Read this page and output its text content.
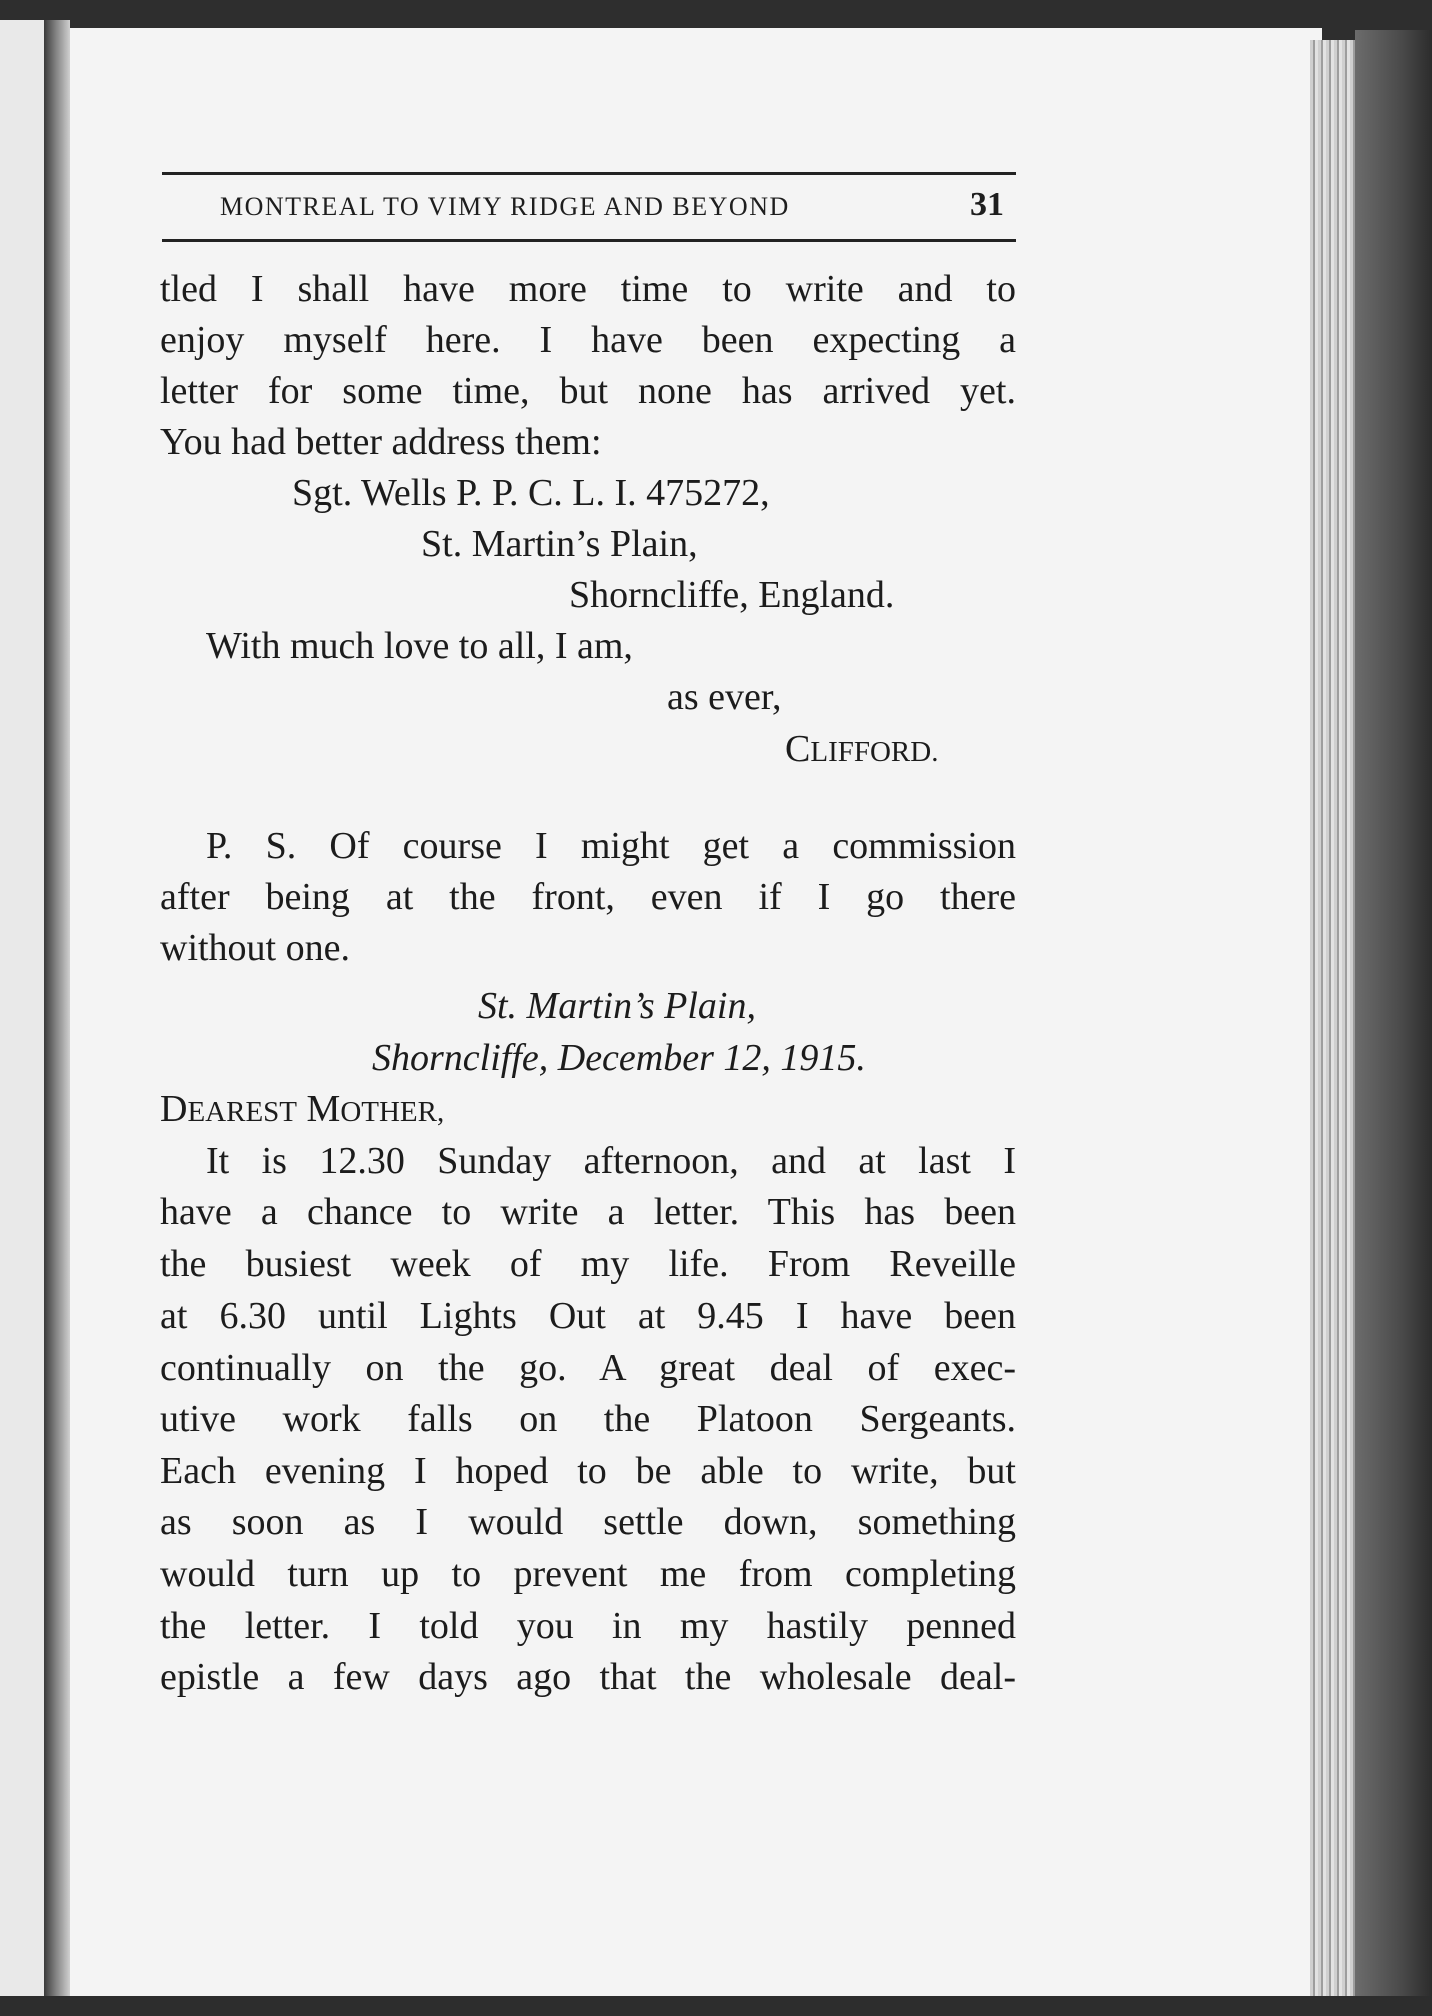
MONTREAL TO VIMY RIDGE AND BEYOND	31
tled I shall have more time to write and to
enjoy myself here. I have been expecting a
letter for some time, but none has arrived yet.
You had better address them:
Sgt. Wells P. P. C. L. I. 475272,
St. Martin’s Plain,
Shorncliffe, England.
With much love to all, I am,
as ever,
CLIFFORD.
P. S. Of course I might get a commission
after being at the front, even if I go there
without one.
St. Martin’s Plain,
Shorncliffe, December 12, 1915.
DEAREST MOTHER,
It is 12.30 Sunday afternoon, and at last I
have a chance to write a letter. This has been
the busiest week of my life. From Reveille
at 6.30 until Lights Out at 9.45 I have been
continually on the go. A great deal of exec-
utive work falls on the Platoon Sergeants.
Each evening I hoped to be able to write, but
as soon as I would settle down, something
would turn up to prevent me from completing
the letter. I told you in my hastily penned
epistle a few days ago that the wholesale deal-
